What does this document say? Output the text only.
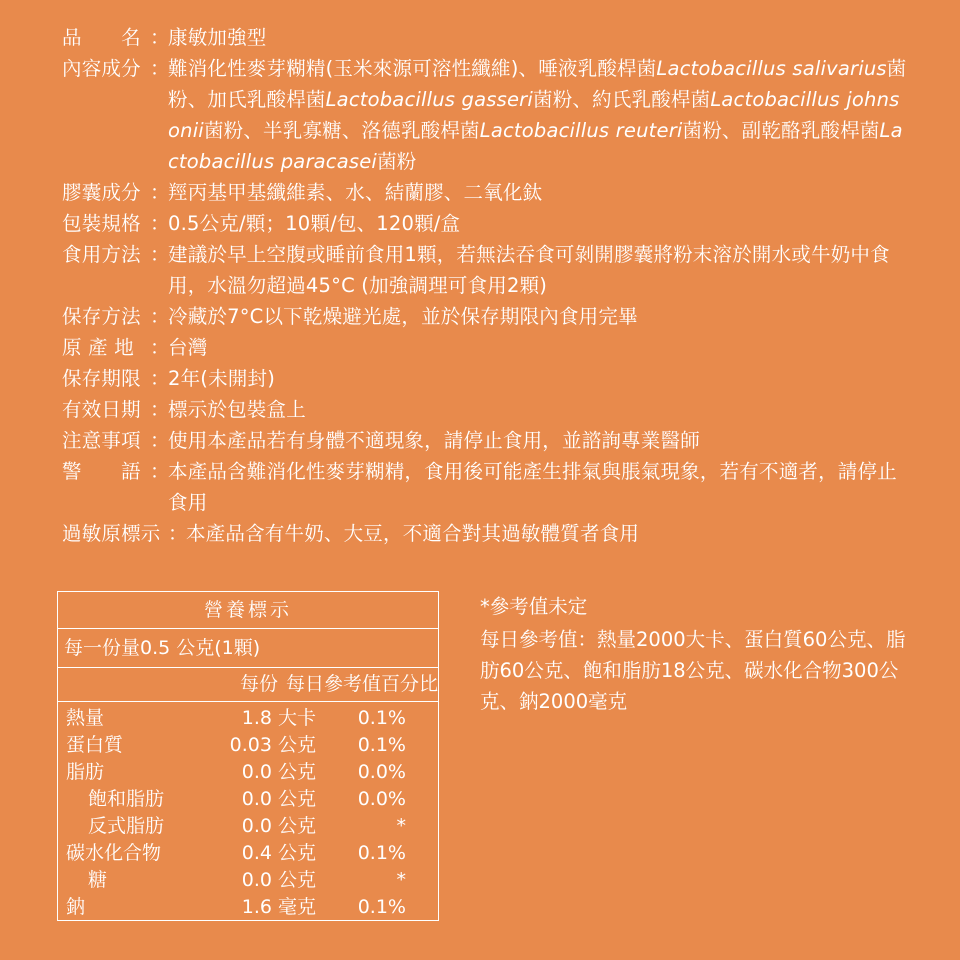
品　　名 ：
康敏加強型
內容成分 ：
難消化性麥芽糊精(玉米來源可溶性纖維)、唾液乳酸桿菌Lactobacillus salivarius菌粉、加氏乳酸桿菌Lactobacillus gasseri菌粉、約氏乳酸桿菌Lactobacillus johnsonii菌粉、半乳寡糖、洛德乳酸桿菌Lactobacillus reuteri菌粉、副乾酪乳酸桿菌Lactobacillus paracasei菌粉
膠囊成分 ：
羥丙基甲基纖維素、水、結蘭膠、二氧化鈦
包裝規格 ：
0.5公克/顆；10顆/包、120顆/盒
食用方法 ：
建議於早上空腹或睡前食用1顆，若無法吞食可剝開膠囊將粉末溶於開水或牛奶中食用，水溫勿超過45°C (加強調理可食用2顆)
保存方法 ：
冷藏於7°C以下乾燥避光處，並於保存期限內食用完畢
原 產 地 ：
台灣
保存期限 ：
2年(未開封)
有效日期 ：
標示於包裝盒上
注意事項 ：
使用本產品若有身體不適現象，請停止食用，並諮詢專業醫師
警　　語 ：
本產品含難消化性麥芽糊精，食用後可能產生排氣與脹氣現象，若有不適者，請停止食用
過敏原標示 ：
本產品含有牛奶、大豆，不適合對其過敏體質者食用
營養標示
每一份量0.5 公克(1顆)
每份 每日參考值百分比
熱量	1.8 大卡	0.1%
蛋白質	0.03 公克	0.1%
脂肪	0.0 公克	0.0%
飽和脂肪	0.0 公克	0.0%
反式脂肪	0.0 公克	*
碳水化合物	0.4 公克	0.1%
糖	0.0 公克	*
鈉	1.6 毫克	0.1%
*參考值未定
每日參考值：熱量2000大卡、蛋白質60公克、脂肪60公克、飽和脂肪18公克、碳水化合物300公克、鈉2000毫克
